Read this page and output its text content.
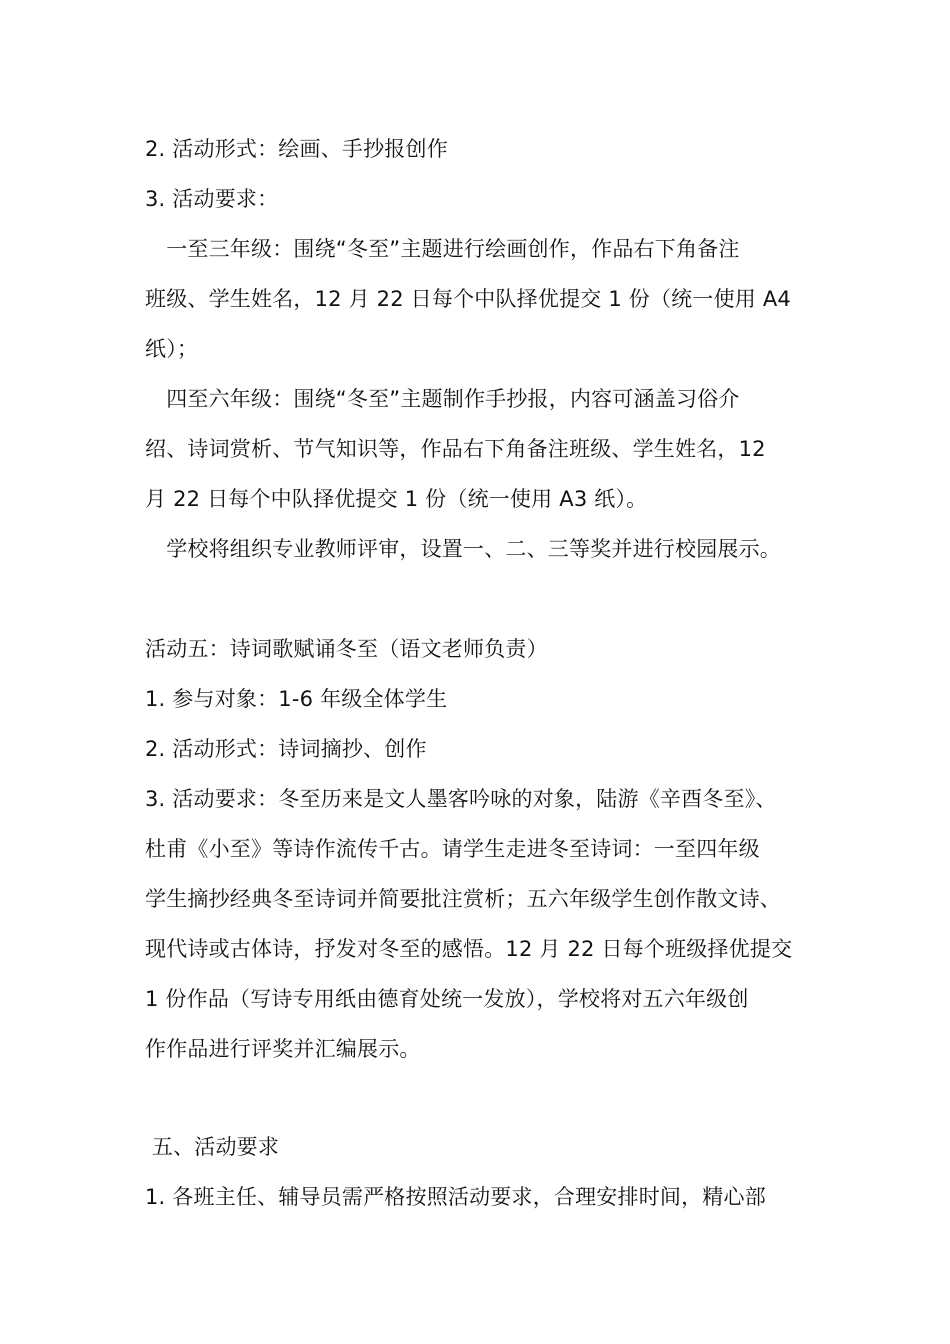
2. 活动形式：绘画、手抄报创作
3. 活动要求：
　一至三年级：围绕“冬至”主题进行绘画创作，作品右下角备注
班级、学生姓名，12 月 22 日每个中队择优提交 1 份（统一使用 A4
纸）；
　四至六年级：围绕“冬至”主题制作手抄报，内容可涵盖习俗介
绍、诗词赏析、节气知识等，作品右下角备注班级、学生姓名，12
月 22 日每个中队择优提交 1 份（统一使用 A3 纸）。
　学校将组织专业教师评审，设置一、二、三等奖并进行校园展示。
活动五：诗词歌赋诵冬至（语文老师负责）
1. 参与对象：1-6 年级全体学生
2. 活动形式：诗词摘抄、创作
3. 活动要求：冬至历来是文人墨客吟咏的对象，陆游《辛酉冬至》、
杜甫《小至》等诗作流传千古。请学生走进冬至诗词：一至四年级
学生摘抄经典冬至诗词并简要批注赏析；五六年级学生创作散文诗、
现代诗或古体诗，抒发对冬至的感悟。12 月 22 日每个班级择优提交
1 份作品（写诗专用纸由德育处统一发放），学校将对五六年级创
作作品进行评奖并汇编展示。
五、活动要求
1. 各班主任、辅导员需严格按照活动要求，合理安排时间，精心部
